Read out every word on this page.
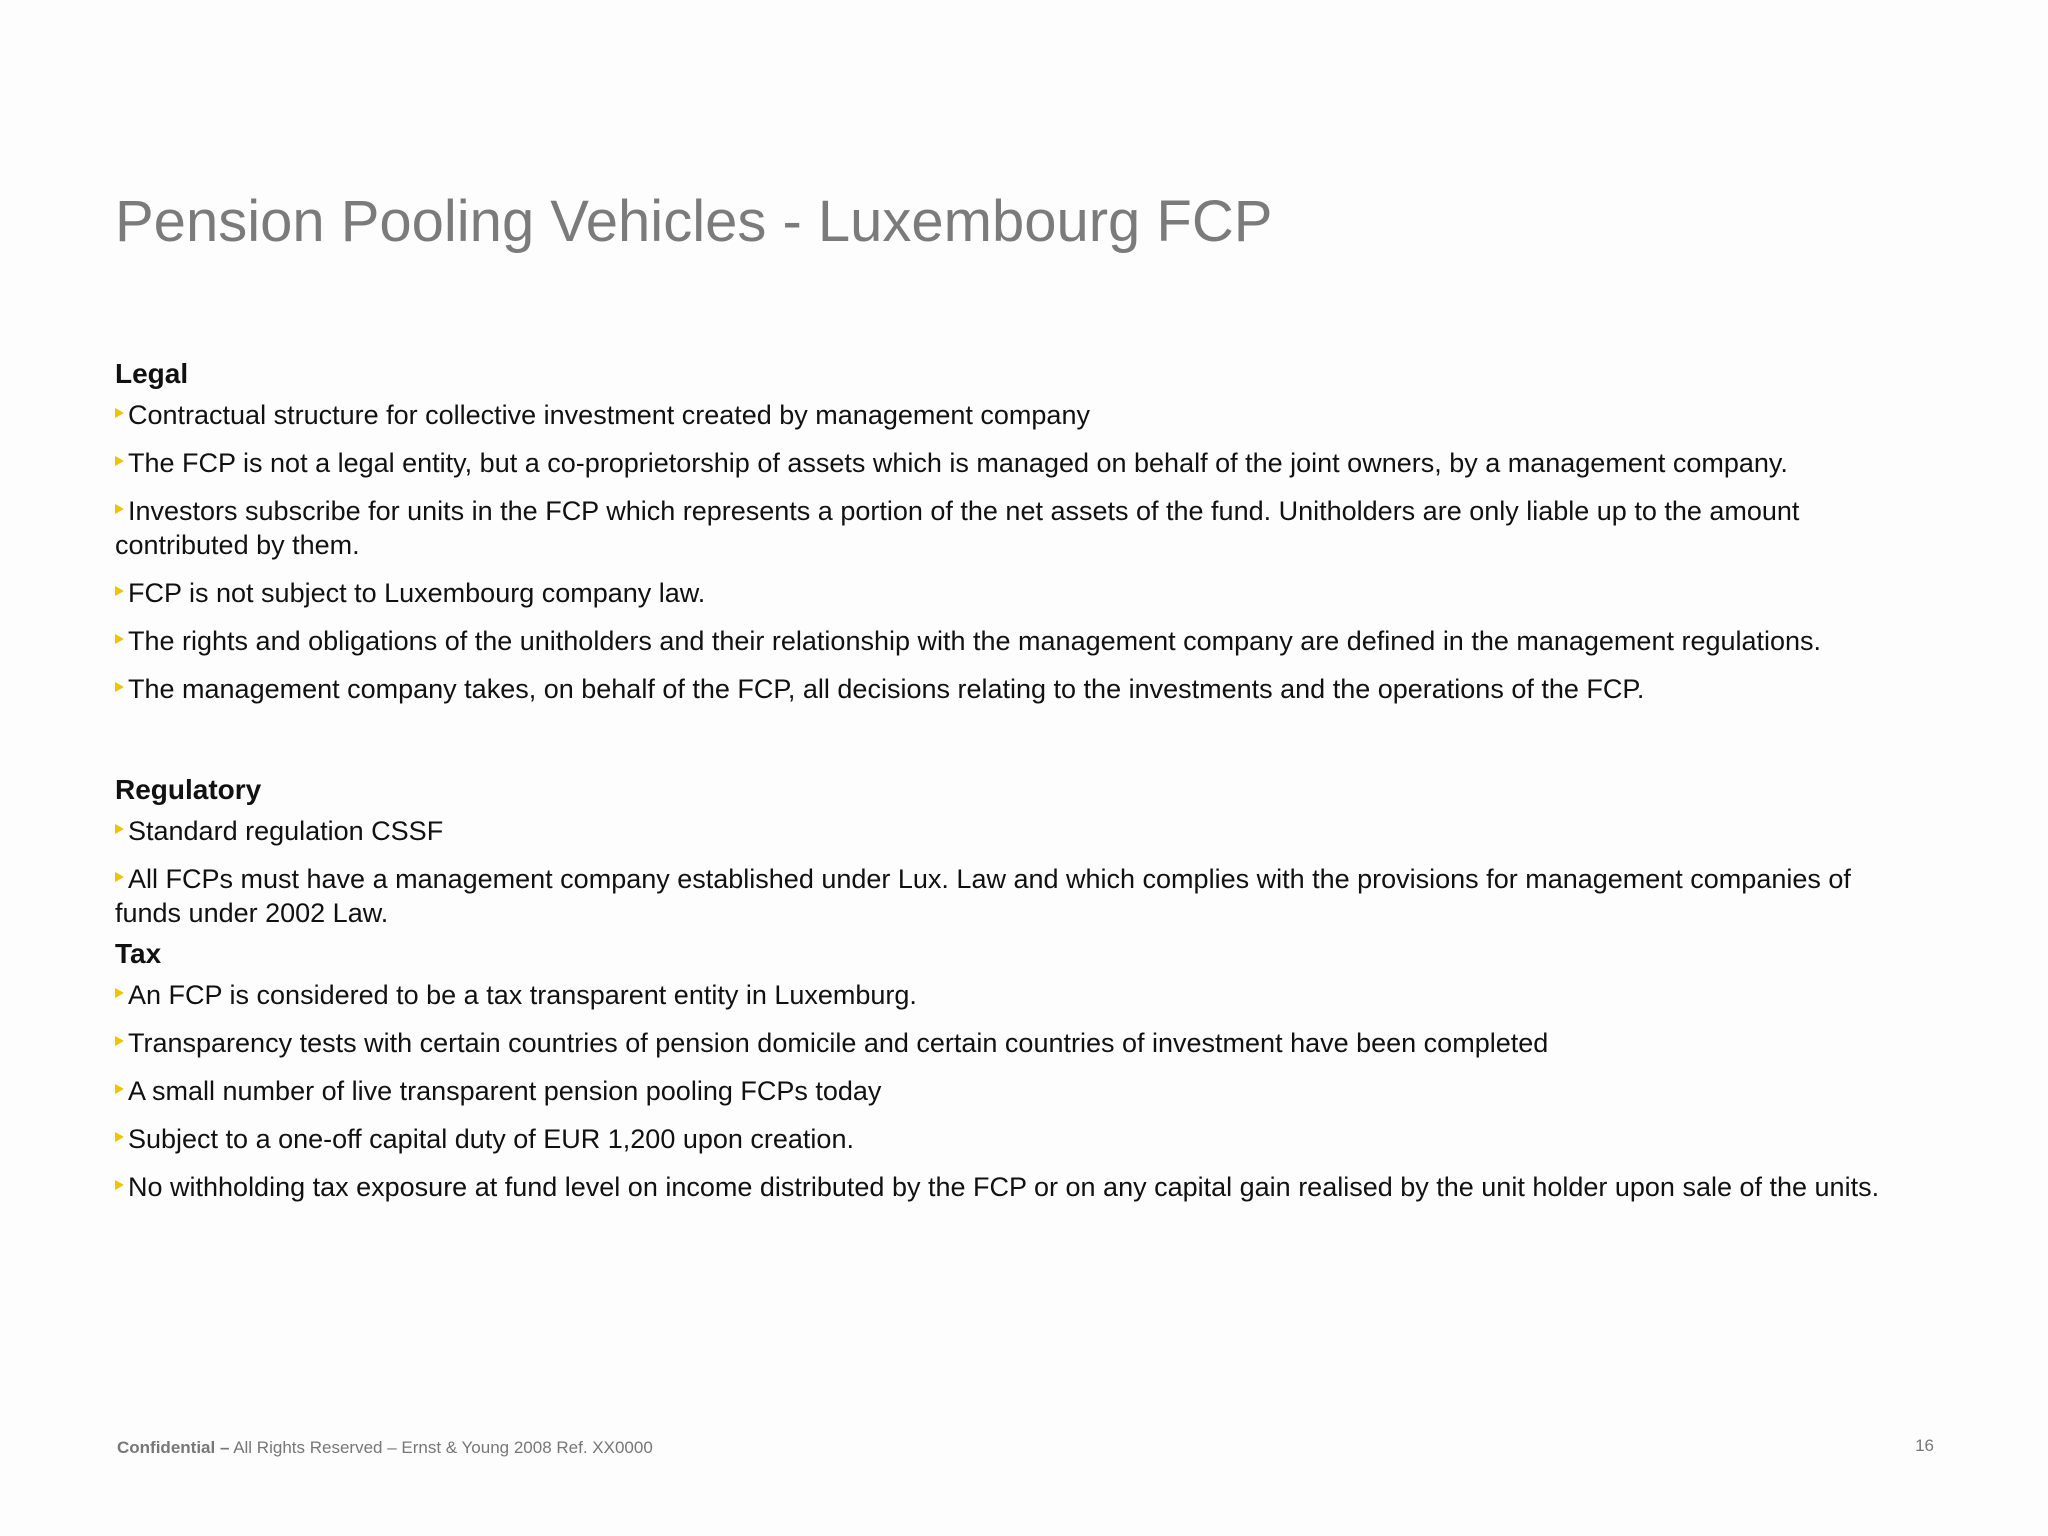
Pension Pooling Vehicles - Luxembourg FCP
Legal
Contractual structure for collective investment created by management company
The FCP is not a legal entity, but a co-proprietorship of assets which is managed on behalf of the joint owners, by a management company.
Investors subscribe for units in the FCP which represents a portion of the net assets of the fund. Unitholders are only liable up to the amount contributed by them.
FCP is not subject to Luxembourg company law.
The rights and obligations of the unitholders and their relationship with the management company are defined in the management regulations.
The management company takes, on behalf of the FCP, all decisions relating to the investments and the operations of the FCP.
Regulatory
Standard regulation CSSF
All FCPs must have a management company established under Lux. Law and which complies with the provisions for management companies of funds under 2002 Law.
Tax
An FCP is considered to be a tax transparent entity in Luxemburg.
Transparency tests with certain countries of pension domicile and certain countries of investment have been completed
A small number of live transparent pension pooling FCPs today
Subject to a one-off capital duty of EUR 1,200 upon creation.
No withholding tax exposure at fund level on income distributed by the FCP or on any capital gain realised by the unit holder upon sale of the units.
Confidential – All Rights Reserved – Ernst & Young 2008 Ref. XX0000	16
